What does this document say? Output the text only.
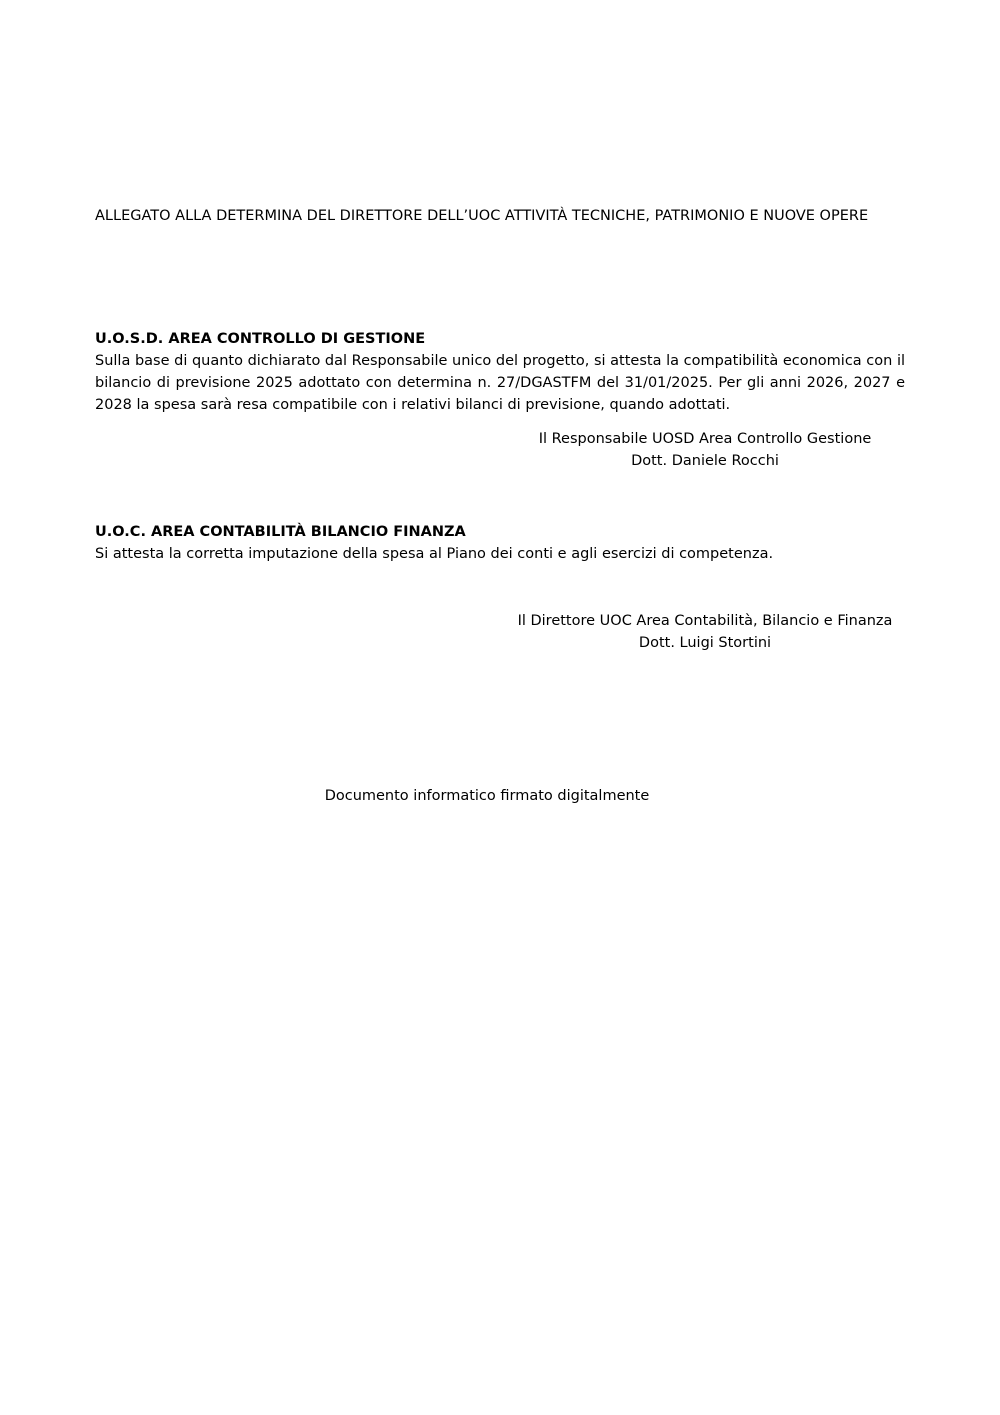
ALLEGATO ALLA DETERMINA DEL DIRETTORE DELL’UOC ATTIVITÀ TECNICHE, PATRIMONIO E NUOVE OPERE

U.O.S.D. AREA CONTROLLO DI GESTIONE

Sulla base di quanto dichiarato dal Responsabile unico del progetto, si attesta la compatibilità economica con il bilancio di previsione 2025 adottato con determina n. 27/DGASTFM del 31/01/2025. Per gli anni 2026, 2027 e 2028 la spesa sarà resa compatibile con i relativi bilanci di previsione, quando adottati.

Il Responsabile UOSD Area Controllo Gestione
Dott. Daniele Rocchi
U.O.C. AREA CONTABILITÀ BILANCIO FINANZA

Si attesta la corretta imputazione della spesa al Piano dei conti e agli esercizi di competenza.

Il Direttore UOC Area Contabilità, Bilancio e Finanza
Dott. Luigi Stortini

Documento informatico firmato digitalmente
